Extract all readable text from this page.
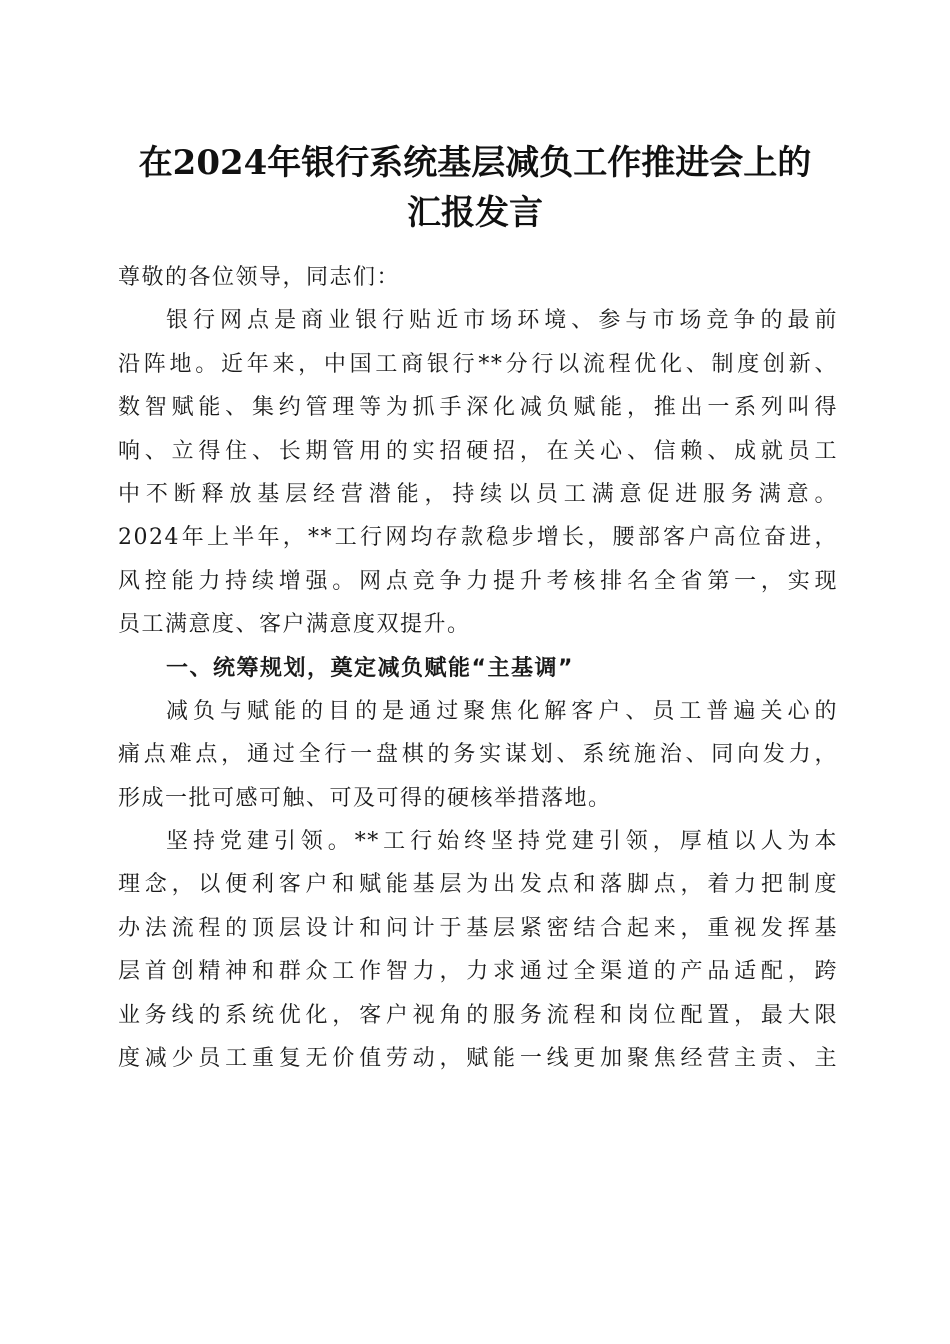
在2024年银行系统基层减负工作推进会上的
汇报发言
尊敬的各位领导，同志们：
银行网点是商业银行贴近市场环境、参与市场竞争的最前
沿阵地。近年来，中国工商银行**分行以流程优化、制度创新、
数智赋能、集约管理等为抓手深化减负赋能，推出一系列叫得
响、立得住、长期管用的实招硬招，在关心、信赖、成就员工
中不断释放基层经营潜能，持续以员工满意促进服务满意。
2024年上半年，**工行网均存款稳步增长，腰部客户高位奋进，
风控能力持续增强。网点竞争力提升考核排名全省第一，实现
员工满意度、客户满意度双提升。
一、统筹规划，奠定减负赋能“主基调”
减负与赋能的目的是通过聚焦化解客户、员工普遍关心的
痛点难点，通过全行一盘棋的务实谋划、系统施治、同向发力，
形成一批可感可触、可及可得的硬核举措落地。
坚持党建引领。**工行始终坚持党建引领，厚植以人为本
理念，以便利客户和赋能基层为出发点和落脚点，着力把制度
办法流程的顶层设计和问计于基层紧密结合起来，重视发挥基
层首创精神和群众工作智力，力求通过全渠道的产品适配，跨
业务线的系统优化，客户视角的服务流程和岗位配置，最大限
度减少员工重复无价值劳动，赋能一线更加聚焦经营主责、主
